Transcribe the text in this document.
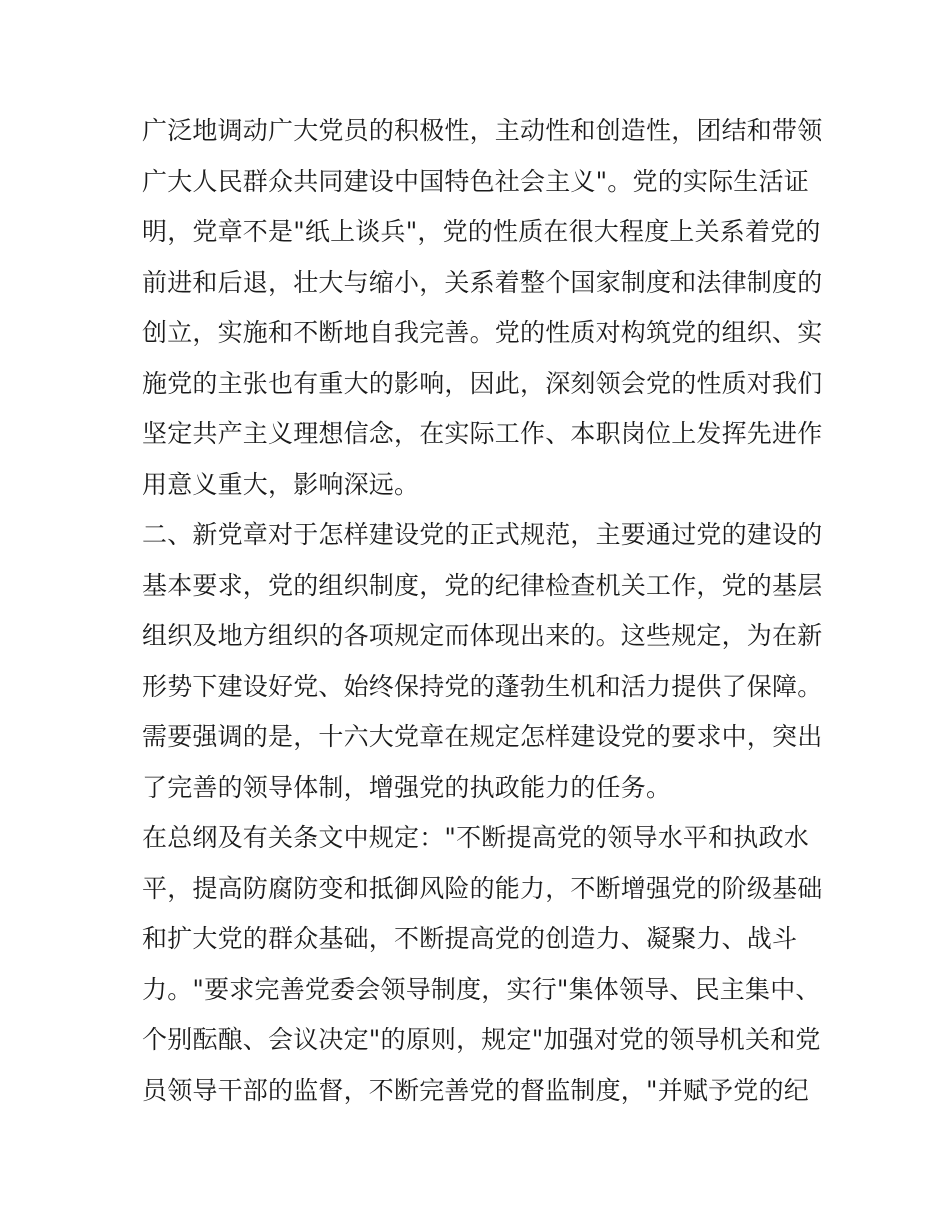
广泛地调动广大党员的积极性，主动性和创造性，团结和带领
广大人民群众共同建设中国特色社会主义"。党的实际生活证
明，党章不是"纸上谈兵"，党的性质在很大程度上关系着党的
前进和后退，壮大与缩小，关系着整个国家制度和法律制度的
创立，实施和不断地自我完善。党的性质对构筑党的组织、实
施党的主张也有重大的影响，因此，深刻领会党的性质对我们
坚定共产主义理想信念，在实际工作、本职岗位上发挥先进作
用意义重大，影响深远。
二、新党章对于怎样建设党的正式规范，主要通过党的建设的
基本要求，党的组织制度，党的纪律检查机关工作，党的基层
组织及地方组织的各项规定而体现出来的。这些规定，为在新
形势下建设好党、始终保持党的蓬勃生机和活力提供了保障。
需要强调的是，十六大党章在规定怎样建设党的要求中，突出
了完善的领导体制，增强党的执政能力的任务。
在总纲及有关条文中规定："不断提高党的领导水平和执政水
平，提高防腐防变和抵御风险的能力，不断增强党的阶级基础
和扩大党的群众基础，不断提高党的创造力、凝聚力、战斗
力。"要求完善党委会领导制度，实行"集体领导、民主集中、
个别酝酿、会议决定"的原则，规定"加强对党的领导机关和党
员领导干部的监督，不断完善党的督监制度，"并赋予党的纪
